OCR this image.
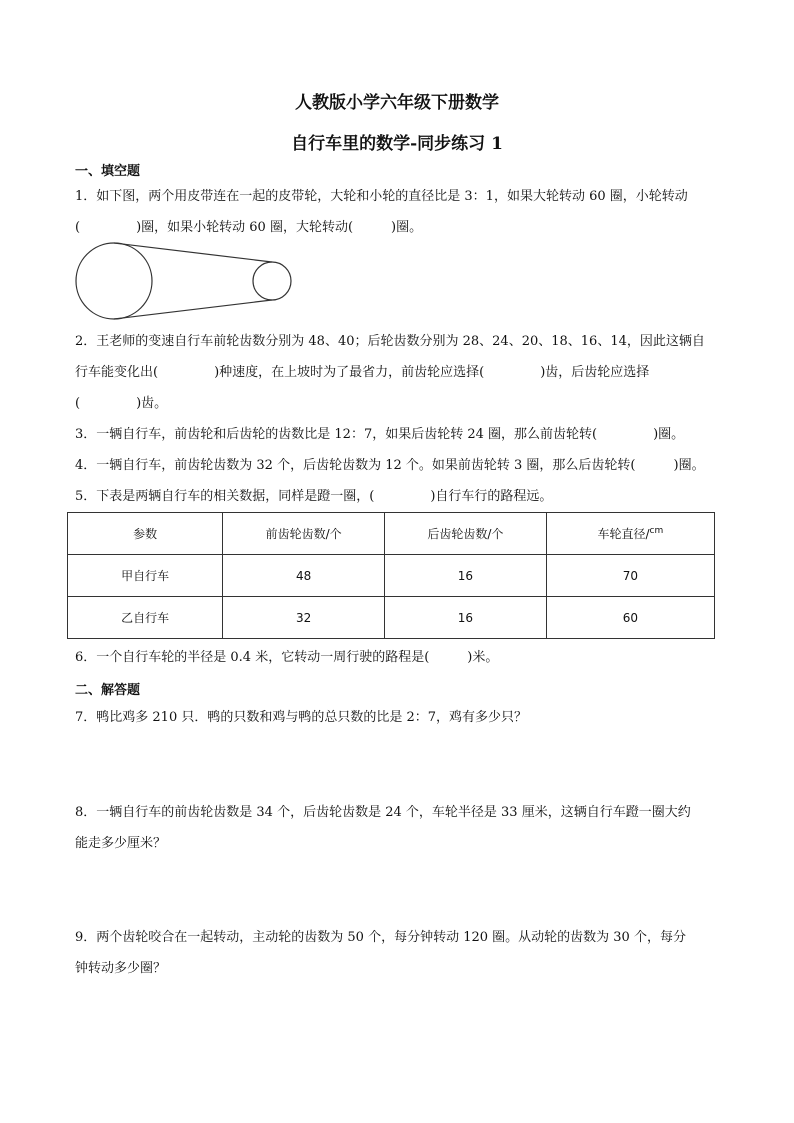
人教版小学六年级下册数学
自行车里的数学-同步练习 1

一、填空题

1．如下图，两个用皮带连在一起的皮带轮，大轮和小轮的直径比是 3：1，如果大轮转动 60 圈，小轮转动
(	)圈，如果小轮转动 60 圈，大轮转动(	)圈。
2．王老师的变速自行车前轮齿数分别为 48、40；后轮齿数分别为 28、24、20、18、16、14，因此这辆自
行车能变化出(	)种速度，在上坡时为了最省力，前齿轮应选择(	)齿，后齿轮应选择
(	)齿。
3．一辆自行车，前齿轮和后齿轮的齿数比是 12：7，如果后齿轮转 24 圈，那么前齿轮转(	)圈。
4．一辆自行车，前齿轮齿数为 32 个，后齿轮齿数为 12 个。如果前齿轮转 3 圈，那么后齿轮转(	)圈。
5．下表是两辆自行车的相关数据，同样是蹬一圈，(	)自行车行的路程远。
参数	前齿轮齿数/个	后齿轮齿数/个	车轮直径/$^{cm}$
甲自行车	48	16	70
乙自行车	32	16	60
6．一个自行车轮的半径是 0.4 米，它转动一周行驶的路程是(	)米。

二、解答题

7．鸭比鸡多 210 只．鸭的只数和鸡与鸭的总只数的比是 2：7，鸡有多少只？
8．一辆自行车的前齿轮齿数是 34 个，后齿轮齿数是 24 个，车轮半径是 33 厘米，这辆自行车蹬一圈大约
能走多少厘米？
9．两个齿轮咬合在一起转动，主动轮的齿数为 50 个，每分钟转动 120 圈。从动轮的齿数为 30 个，每分
钟转动多少圈？
